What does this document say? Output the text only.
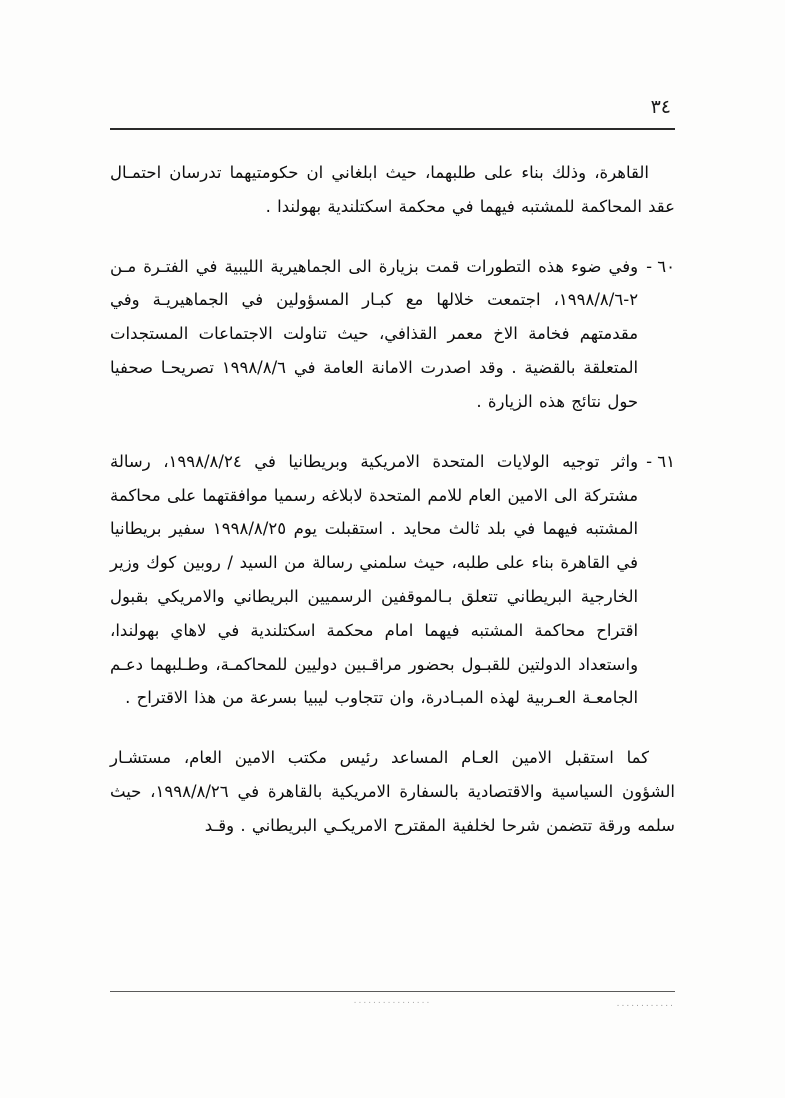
٣٤

القاهرة، وذلك بناء على طلبهما، حيث ابلغاني ان حكومتيهما تدرسان احتمـال عقد المحاكمة للمشتبه فيهما في محكمة اسكتلندية بهولندا .

٦٠ -

وفي ضوء هذه التطورات قمت بزيارة الى الجماهيرية الليبية في الفتـرة مـن ٢-١٩٩٨/٨/٦، اجتمعت خلالها مع كبـار المسؤولين في الجماهيريـة وفي مقدمتهم فخامة الاخ معمر القذافي، حيث تناولت الاجتماعات المستجدات المتعلقة بالقضية . وقد اصدرت الامانة العامة في ١٩٩٨/٨/٦ تصريحـا صحفيا حول نتائج هذه الزيارة .

٦١ -

واثر توجيه الولايات المتحدة الامريكية وبريطانيا في ١٩٩٨/٨/٢٤، رسالة مشتركة الى الامين العام للامم المتحدة لابلاغه رسميا موافقتهما على محاكمة المشتبه فيهما في بلد ثالث محايد . استقبلت يوم ١٩٩٨/٨/٢٥ سفير بريطانيا في القاهرة بناء على طلبه، حيث سلمني رسالة من السيد / روبين كوك وزير الخارجية البريطاني تتعلق بـالموقفين الرسميين البريطاني والامريكي بقبول اقتراح محاكمة المشتبه فيهما امام محكمة اسكتلندية في لاهاي بهولندا، واستعداد الدولتين للقبـول بحضور مراقـبين دوليين للمحاكمـة، وطـلبهما دعـم الجامعـة العـربية لهذه المبـادرة، وان تتجاوب ليبيا بسرعة من هذا الاقتراح .

كما استقبل الامين العـام المساعد رئيس مكتب الامين العام، مستشـار الشؤون السياسية والاقتصادية بالسفارة الامريكية بالقاهرة في ١٩٩٨/٨/٢٦، حيث سلمه ورقة تتضمن شرحا لخلفية المقترح الامريكـي البريطاني . وقـد

................	............
